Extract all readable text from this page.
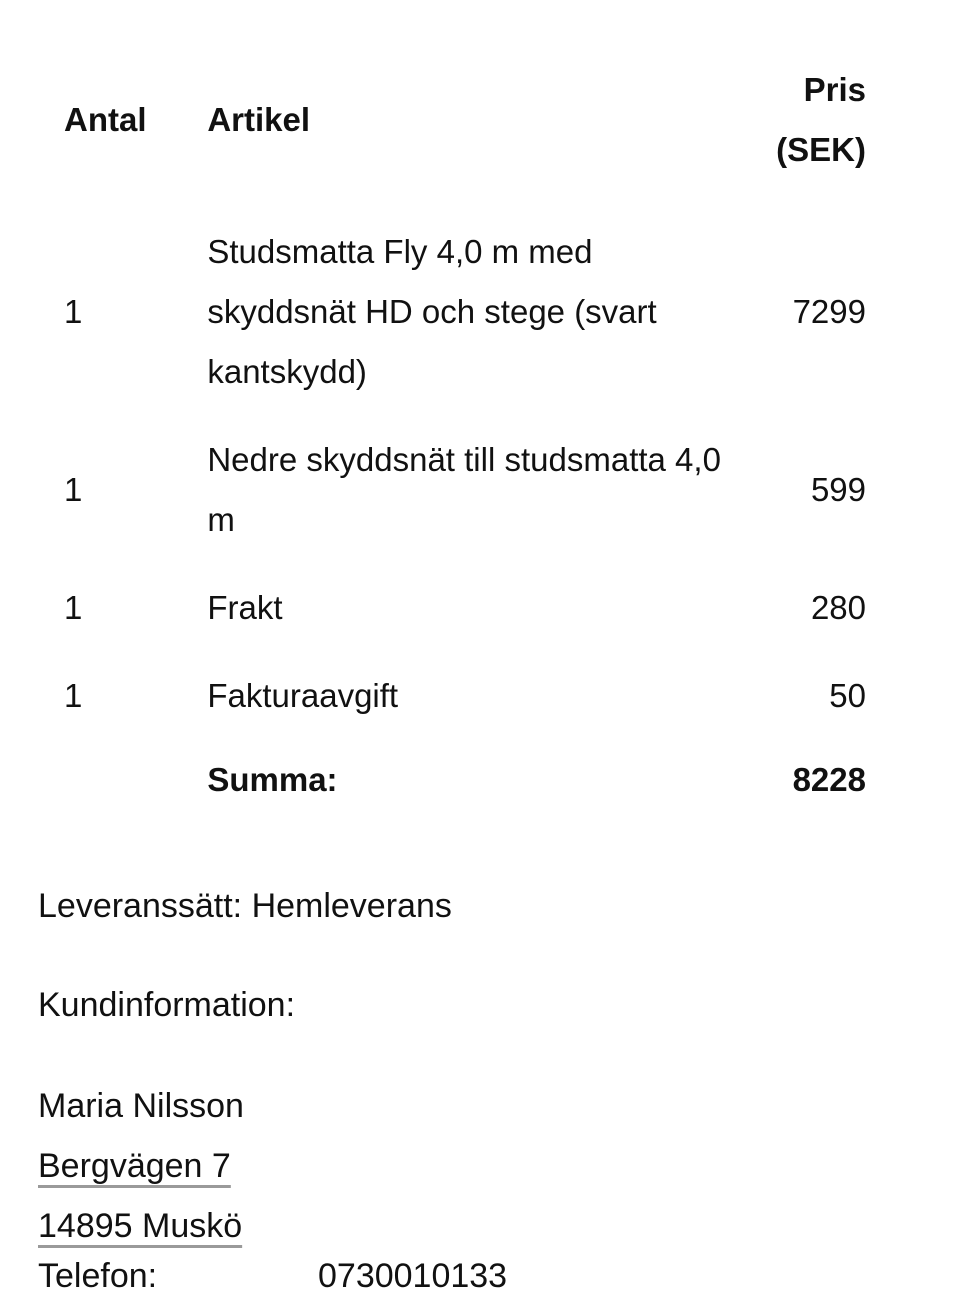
Antal	Artikel	Pris
(SEK)
1	Studsmatta Fly 4,0 m med skyddsnät HD och stege (svart kantskydd)	7299
1	Nedre skyddsnät till studsmatta 4,0 m	599
1	Frakt	280
1	Fakturaavgift	50
	Summa:	8228
Leveranssätt: Hemleverans
Kundinformation:
Maria Nilsson
Bergvägen 7
14895 Muskö
Telefon:	0730010133
